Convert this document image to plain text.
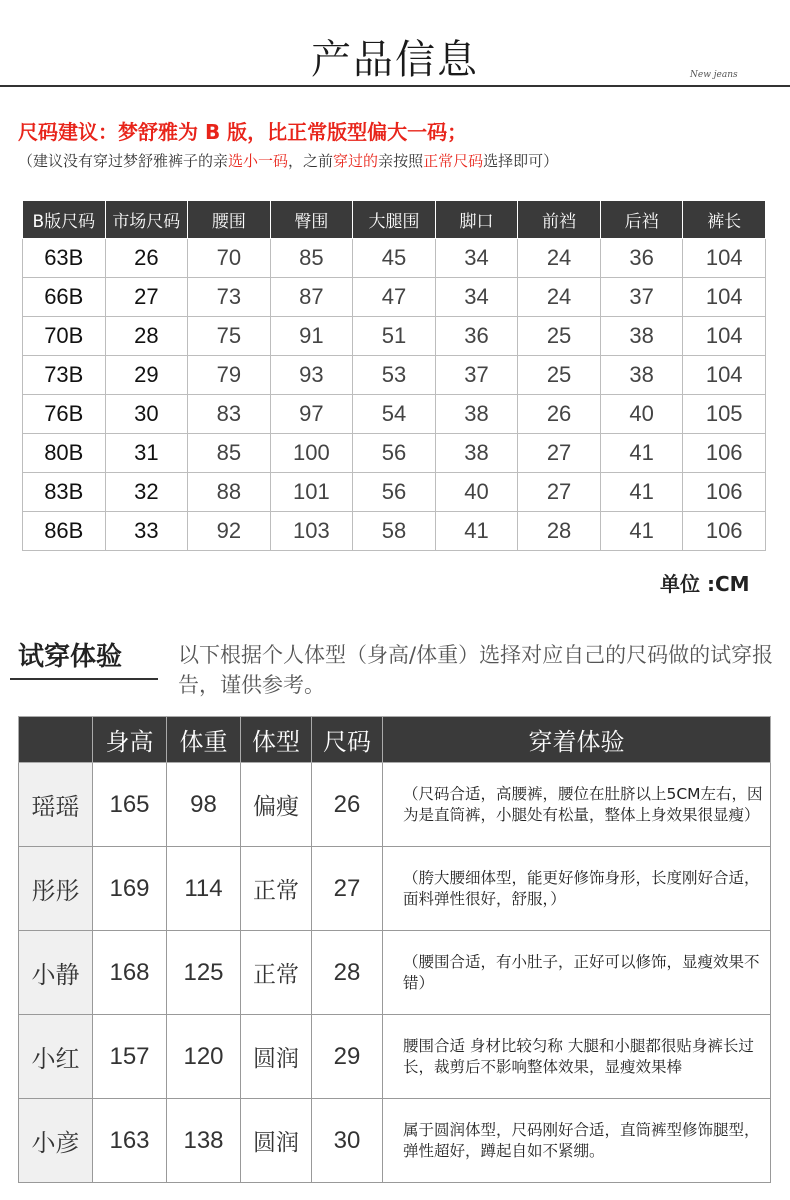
产品信息	New jeans
尺码建议：梦舒雅为 B 版，比正常版型偏大一码；
（建议没有穿过梦舒雅裤子的亲选小一码，之前穿过的亲按照正常尺码选择即可）
B版尺码	市场尺码	腰围	臀围	大腿围	脚口	前裆	后裆	裤长
63B	26	70	85	45	34	24	36	104
66B	27	73	87	47	34	24	37	104
70B	28	75	91	51	36	25	38	104
73B	29	79	93	53	37	25	38	104
76B	30	83	97	54	38	26	40	105
80B	31	85	100	56	38	27	41	106
83B	32	88	101	56	40	27	41	106
86B	33	92	103	58	41	28	41	106
单位 :CM
试穿体验	以下根据个人体型（身高/体重）选择对应自己的尺码做的试穿报告，谨供参考。
	身高	体重	体型	尺码	穿着体验
瑶瑶	165	98	偏瘦	26	（尺码合适，高腰裤，腰位在肚脐以上5CM左右，因为是直筒裤，小腿处有松量，整体上身效果很显瘦）
彤彤	169	114	正常	27	（胯大腰细体型，能更好修饰身形，长度刚好合适，面料弹性很好，舒服，）
小静	168	125	正常	28	（腰围合适，有小肚子，正好可以修饰，显瘦效果不错）
小红	157	120	圆润	29	腰围合适 身材比较匀称 大腿和小腿都很贴身裤长过长，裁剪后不影响整体效果，显瘦效果棒
小彦	163	138	圆润	30	属于圆润体型，尺码刚好合适，直筒裤型修饰腿型，弹性超好，蹲起自如不紧绷。
